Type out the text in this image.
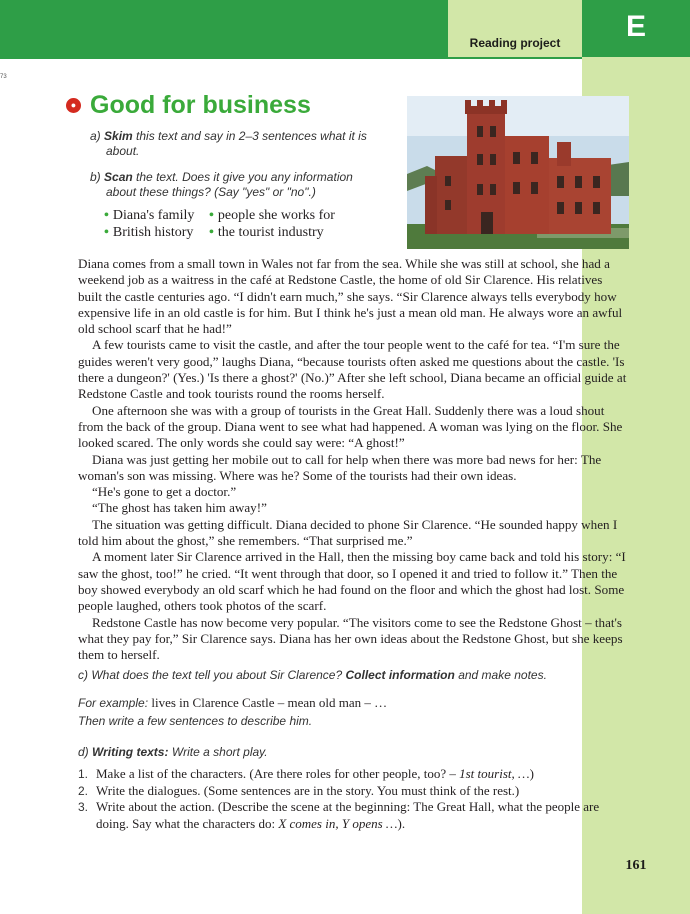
Reading project	E
73
● Good for business
a) Skim this text and say in 2–3 sentences what it is
about.
b) Scan the text. Does it give you any information
about these things? (Say "yes" or "no".)
• Diana's family • people she works for
• British history • the tourist industry

Diana comes from a small town in Wales not far from the sea. While she was still at school, she had a weekend job as a waitress in the café at Redstone Castle, the home of old Sir Clarence. His relatives built the castle centuries ago. “I didn't earn much,” she says. “Sir Clarence always tells everybody how expensive life in an old castle is for him. But I think he's just a mean old man. He always wore an awful old school scarf that he had!”

A few tourists came to visit the castle, and after the tour people went to the café for tea. “I'm sure the guides weren't very good,” laughs Diana, “because tourists often asked me questions about the castle. 'Is there a dungeon?' (Yes.) 'Is there a ghost?' (No.)” After she left school, Diana became an official guide at Redstone Castle and took tourists round the rooms herself.

One afternoon she was with a group of tourists in the Great Hall. Suddenly there was a loud shout from the back of the group. Diana went to see what had happened. A woman was lying on the floor. She looked scared. The only words she could say were: “A ghost!”

Diana was just getting her mobile out to call for help when there was more bad news for her: The woman's son was missing. Where was he? Some of the tourists had their own ideas.

“He's gone to get a doctor.”

“The ghost has taken him away!”

The situation was getting difficult. Diana decided to phone Sir Clarence. “He sounded happy when I told him about the ghost,” she remembers. “That surprised me.”

A moment later Sir Clarence arrived in the Hall, then the missing boy came back and told his story: “I saw the ghost, too!” he cried. “It went through that door, so I opened it and tried to follow it.” Then the boy showed everybody an old scarf which he had found on the floor and which the ghost had lost. Some people laughed, others took photos of the scarf.

Redstone Castle has now become very popular. “The visitors come to see the Redstone Ghost – that's what they pay for,” Sir Clarence says. Diana has her own ideas about the Redstone Ghost, but she keeps them to herself.

c) What does the text tell you about Sir Clarence? Collect information and make notes.
For example: lives in Clarence Castle – mean old man – …
Then write a few sentences to describe him.
d) Writing texts: Write a short play.
1. Make a list of the characters. (Are there roles for other people, too? – 1st tourist, …)
2. Write the dialogues. (Some sentences are in the story. You must think of the rest.)
3. Write about the action. (Describe the scene at the beginning: The Great Hall, what the people are doing. Say what the characters do: X comes in, Y opens …).
161
